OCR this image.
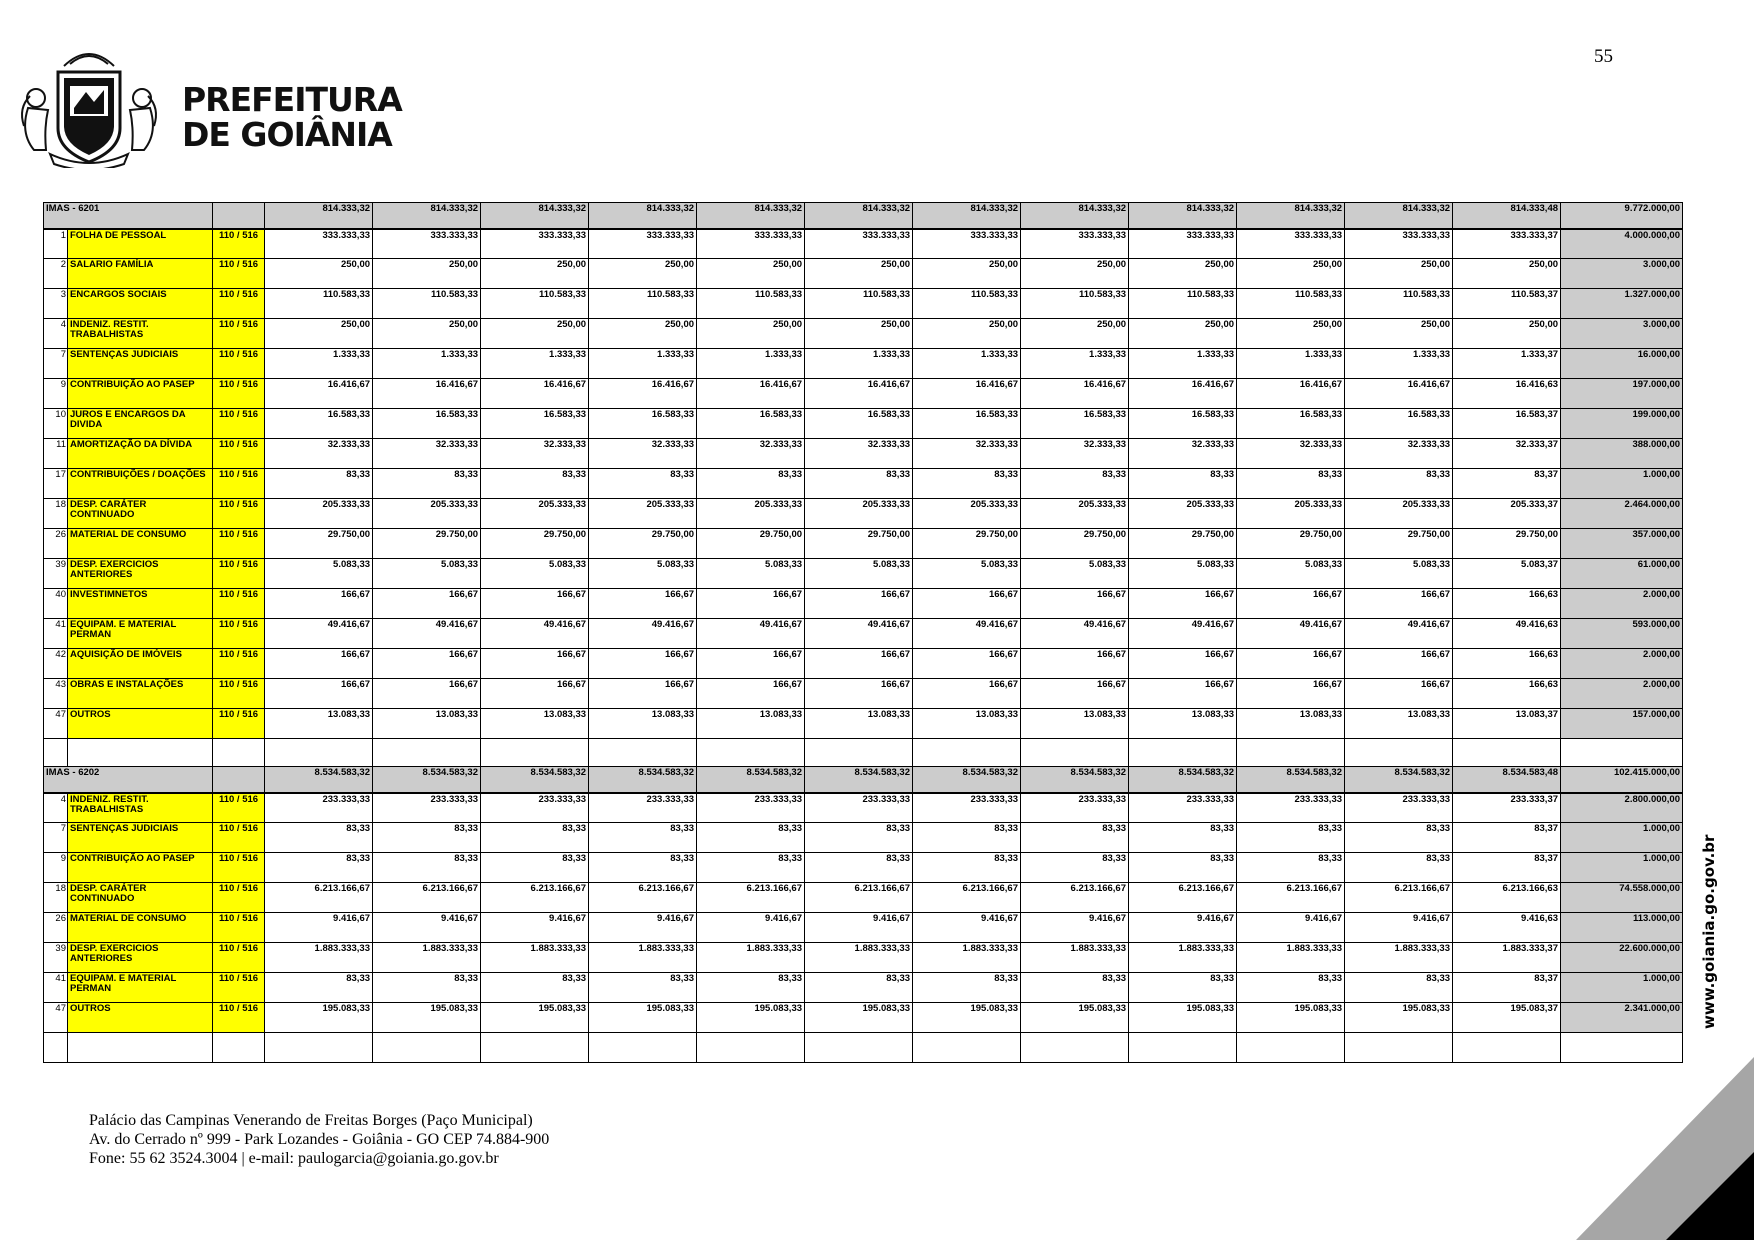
PREFEITURA
DE GOIÂNIA
55
IMAS - 6201			814.333,32	814.333,32	814.333,32	814.333,32	814.333,32	814.333,32	814.333,32	814.333,32	814.333,32	814.333,32	814.333,32	814.333,48	9.772.000,00
1	FOLHA DE PESSOAL	110 / 516	333.333,33	333.333,33	333.333,33	333.333,33	333.333,33	333.333,33	333.333,33	333.333,33	333.333,33	333.333,33	333.333,33	333.333,37	4.000.000,00
2	SALARIO FAMÍLIA	110 / 516	250,00	250,00	250,00	250,00	250,00	250,00	250,00	250,00	250,00	250,00	250,00	250,00	3.000,00
3	ENCARGOS SOCIAIS	110 / 516	110.583,33	110.583,33	110.583,33	110.583,33	110.583,33	110.583,33	110.583,33	110.583,33	110.583,33	110.583,33	110.583,33	110.583,37	1.327.000,00
4	INDENIZ. RESTIT. TRABALHISTAS	110 / 516	250,00	250,00	250,00	250,00	250,00	250,00	250,00	250,00	250,00	250,00	250,00	250,00	3.000,00
7	SENTENÇAS JUDICIAIS	110 / 516	1.333,33	1.333,33	1.333,33	1.333,33	1.333,33	1.333,33	1.333,33	1.333,33	1.333,33	1.333,33	1.333,33	1.333,37	16.000,00
9	CONTRIBUIÇÃO AO PASEP	110 / 516	16.416,67	16.416,67	16.416,67	16.416,67	16.416,67	16.416,67	16.416,67	16.416,67	16.416,67	16.416,67	16.416,67	16.416,63	197.000,00
10	JUROS E ENCARGOS DA DIVIDA	110 / 516	16.583,33	16.583,33	16.583,33	16.583,33	16.583,33	16.583,33	16.583,33	16.583,33	16.583,33	16.583,33	16.583,33	16.583,37	199.000,00
11	AMORTIZAÇÃO DA DÍVIDA	110 / 516	32.333,33	32.333,33	32.333,33	32.333,33	32.333,33	32.333,33	32.333,33	32.333,33	32.333,33	32.333,33	32.333,33	32.333,37	388.000,00
17	CONTRIBUIÇÕES / DOAÇÕES	110 / 516	83,33	83,33	83,33	83,33	83,33	83,33	83,33	83,33	83,33	83,33	83,33	83,37	1.000,00
18	DESP. CARÁTER CONTINUADO	110 / 516	205.333,33	205.333,33	205.333,33	205.333,33	205.333,33	205.333,33	205.333,33	205.333,33	205.333,33	205.333,33	205.333,33	205.333,37	2.464.000,00
26	MATERIAL DE CONSUMO	110 / 516	29.750,00	29.750,00	29.750,00	29.750,00	29.750,00	29.750,00	29.750,00	29.750,00	29.750,00	29.750,00	29.750,00	29.750,00	357.000,00
39	DESP. EXERCICIOS ANTERIORES	110 / 516	5.083,33	5.083,33	5.083,33	5.083,33	5.083,33	5.083,33	5.083,33	5.083,33	5.083,33	5.083,33	5.083,33	5.083,37	61.000,00
40	INVESTIMNETOS	110 / 516	166,67	166,67	166,67	166,67	166,67	166,67	166,67	166,67	166,67	166,67	166,67	166,63	2.000,00
41	EQUIPAM. E MATERIAL PERMAN	110 / 516	49.416,67	49.416,67	49.416,67	49.416,67	49.416,67	49.416,67	49.416,67	49.416,67	49.416,67	49.416,67	49.416,67	49.416,63	593.000,00
42	AQUISIÇÃO DE IMÓVEIS	110 / 516	166,67	166,67	166,67	166,67	166,67	166,67	166,67	166,67	166,67	166,67	166,67	166,63	2.000,00
43	OBRAS E INSTALAÇÕES	110 / 516	166,67	166,67	166,67	166,67	166,67	166,67	166,67	166,67	166,67	166,67	166,67	166,63	2.000,00
47	OUTROS	110 / 516	13.083,33	13.083,33	13.083,33	13.083,33	13.083,33	13.083,33	13.083,33	13.083,33	13.083,33	13.083,33	13.083,33	13.083,37	157.000,00

IMAS - 6202			8.534.583,32	8.534.583,32	8.534.583,32	8.534.583,32	8.534.583,32	8.534.583,32	8.534.583,32	8.534.583,32	8.534.583,32	8.534.583,32	8.534.583,32	8.534.583,48	102.415.000,00
4	INDENIZ. RESTIT. TRABALHISTAS	110 / 516	233.333,33	233.333,33	233.333,33	233.333,33	233.333,33	233.333,33	233.333,33	233.333,33	233.333,33	233.333,33	233.333,33	233.333,37	2.800.000,00
7	SENTENÇAS JUDICIAIS	110 / 516	83,33	83,33	83,33	83,33	83,33	83,33	83,33	83,33	83,33	83,33	83,33	83,37	1.000,00
9	CONTRIBUIÇÃO AO PASEP	110 / 516	83,33	83,33	83,33	83,33	83,33	83,33	83,33	83,33	83,33	83,33	83,33	83,37	1.000,00
18	DESP. CARÁTER CONTINUADO	110 / 516	6.213.166,67	6.213.166,67	6.213.166,67	6.213.166,67	6.213.166,67	6.213.166,67	6.213.166,67	6.213.166,67	6.213.166,67	6.213.166,67	6.213.166,67	6.213.166,63	74.558.000,00
26	MATERIAL DE CONSUMO	110 / 516	9.416,67	9.416,67	9.416,67	9.416,67	9.416,67	9.416,67	9.416,67	9.416,67	9.416,67	9.416,67	9.416,67	9.416,63	113.000,00
39	DESP. EXERCICIOS ANTERIORES	110 / 516	1.883.333,33	1.883.333,33	1.883.333,33	1.883.333,33	1.883.333,33	1.883.333,33	1.883.333,33	1.883.333,33	1.883.333,33	1.883.333,33	1.883.333,33	1.883.333,37	22.600.000,00
41	EQUIPAM. E MATERIAL PERMAN	110 / 516	83,33	83,33	83,33	83,33	83,33	83,33	83,33	83,33	83,33	83,33	83,33	83,37	1.000,00
47	OUTROS	110 / 516	195.083,33	195.083,33	195.083,33	195.083,33	195.083,33	195.083,33	195.083,33	195.083,33	195.083,33	195.083,33	195.083,33	195.083,37	2.341.000,00

Palácio das Campinas Venerando de Freitas Borges (Paço Municipal)
Av. do Cerrado nº 999 - Park Lozandes - Goiânia - GO CEP 74.884-900
Fone: 55 62 3524.3004 | e-mail: paulogarcia@goiania.go.gov.br
www.goiania.go.gov.br
